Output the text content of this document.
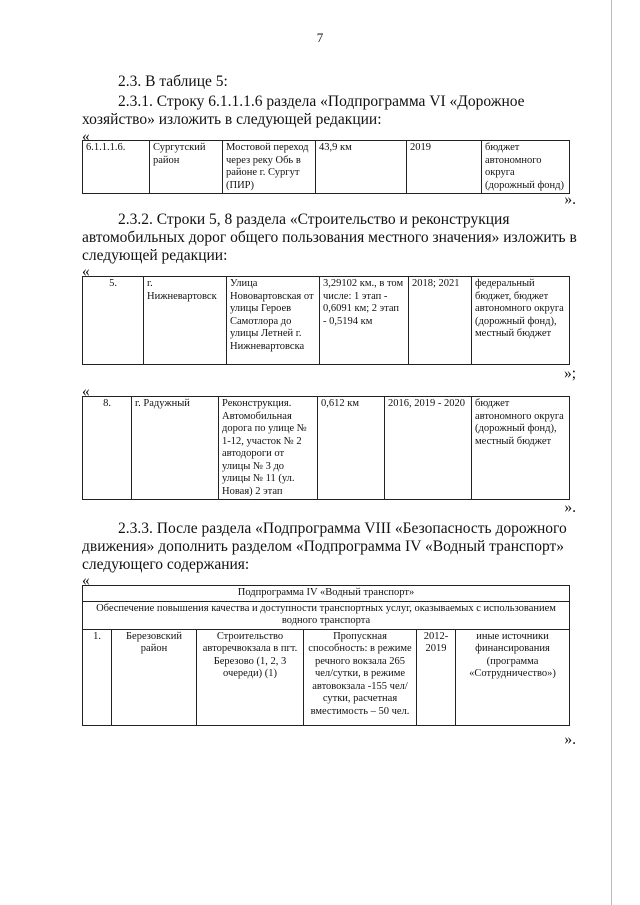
7
2.3. В таблице 5:
2.3.1. Строку 6.1.1.1.6 раздела «Подпрограмма VI «Дорожное
хозяйство» изложить в следующей редакции:
«
6.1.1.1.6.	Сургутский район	Мостовой переход через реку Обь в районе г. Сургут (ПИР)	43,9 км	2019	бюджет автономного округа (дорожный фонд)
».
2.3.2. Строки 5, 8 раздела «Строительство и реконструкция
автомобильных дорог общего пользования местного значения» изложить в
следующей редакции:
«
5.	г. Нижневартовск	Улица Нововартовская от улицы Героев Самотлора до улицы Летней г. Нижневартовска	3,29102 км., в том числе: 1 этап - 0,6091 км; 2 этап - 0,5194 км	2018; 2021	федеральный бюджет, бюджет автономного округа (дорожный фонд), местный бюджет
»;
«
8.	г. Радужный	Реконструкция. Автомобильная дорога по улице № 1-12, участок № 2 автодороги от улицы № 3 до улицы № 11 (ул. Новая) 2 этап	0,612 км	2016, 2019 - 2020	бюджет автономного округа (дорожный фонд), местный бюджет
».
2.3.3. После раздела «Подпрограмма VIII «Безопасность дорожного
движения» дополнить разделом «Подпрограмма IV «Водный транспорт»
следующего содержания:
«
Подпрограмма IV «Водный транспорт»
Обеспечение повышения качества и доступности транспортных услуг, оказываемых с использованием водного транспорта
1.	Березовский район	Строительство авторечвокзала в пгт. Березово (1, 2, 3 очереди) (1)	Пропускная способность: в режиме речного вокзала 265 чел/сутки, в режиме автовокзала -155 чел/сутки, расчетная вместимость – 50 чел.	2012-2019	иные источники финансирования (программа «Сотрудничество»)
».
